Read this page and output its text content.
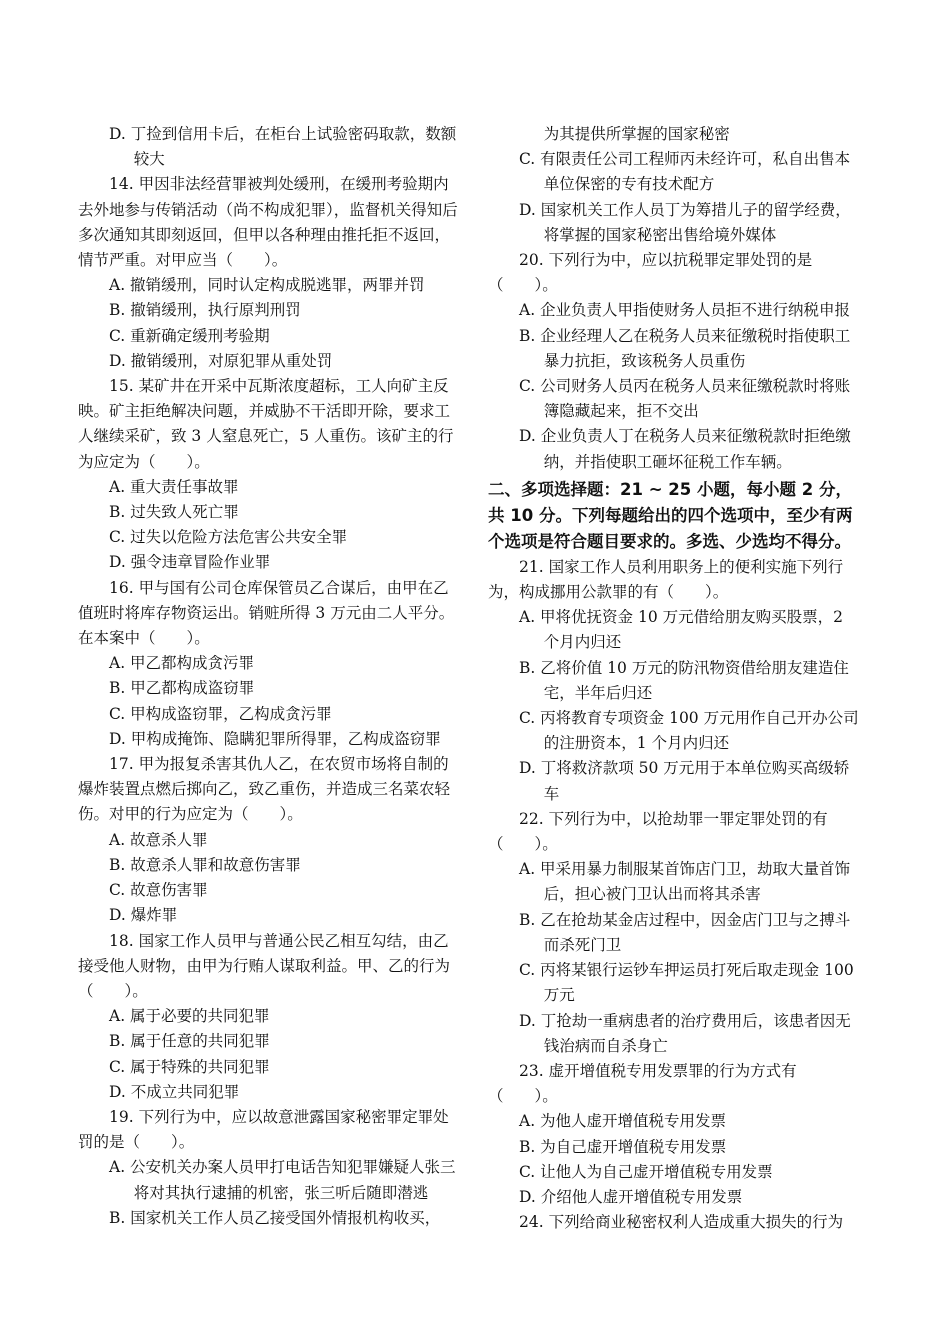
D. 丁捡到信用卡后，在柜台上试验密码取款，数额较大

14. 甲因非法经营罪被判处缓刑，在缓刑考验期内去外地参与传销活动（尚不构成犯罪），监督机关得知后多次通知其即刻返回，但甲以各种理由推托拒不返回，情节严重。对甲应当（　　）。

A. 撤销缓刑，同时认定构成脱逃罪，两罪并罚

B. 撤销缓刑，执行原判刑罚

C. 重新确定缓刑考验期

D. 撤销缓刑，对原犯罪从重处罚

15. 某矿井在开采中瓦斯浓度超标，工人向矿主反映。矿主拒绝解决问题，并威胁不干活即开除，要求工人继续采矿，致 3 人窒息死亡，5 人重伤。该矿主的行为应定为（　　）。

A. 重大责任事故罪

B. 过失致人死亡罪

C. 过失以危险方法危害公共安全罪

D. 强令违章冒险作业罪

16. 甲与国有公司仓库保管员乙合谋后，由甲在乙值班时将库存物资运出。销赃所得 3 万元由二人平分。在本案中（　　）。

A. 甲乙都构成贪污罪

B. 甲乙都构成盗窃罪

C. 甲构成盗窃罪，乙构成贪污罪

D. 甲构成掩饰、隐瞒犯罪所得罪，乙构成盗窃罪

17. 甲为报复杀害其仇人乙，在农贸市场将自制的爆炸装置点燃后掷向乙，致乙重伤，并造成三名菜农轻伤。对甲的行为应定为（　　）。

A. 故意杀人罪

B. 故意杀人罪和故意伤害罪

C. 故意伤害罪

D. 爆炸罪

18. 国家工作人员甲与普通公民乙相互勾结，由乙接受他人财物，由甲为行贿人谋取利益。甲、乙的行为（　　）。

A. 属于必要的共同犯罪

B. 属于任意的共同犯罪

C. 属于特殊的共同犯罪

D. 不成立共同犯罪

19. 下列行为中，应以故意泄露国家秘密罪定罪处罚的是（　　）。

A. 公安机关办案人员甲打电话告知犯罪嫌疑人张三将对其执行逮捕的机密，张三听后随即潜逃

B. 国家机关工作人员乙接受国外情报机构收买，

为其提供所掌握的国家秘密

C. 有限责任公司工程师丙未经许可，私自出售本单位保密的专有技术配方

D. 国家机关工作人员丁为筹措儿子的留学经费，将掌握的国家秘密出售给境外媒体

20. 下列行为中，应以抗税罪定罪处罚的是（　　）。

A. 企业负责人甲指使财务人员拒不进行纳税申报

B. 企业经理人乙在税务人员来征缴税时指使职工暴力抗拒，致该税务人员重伤

C. 公司财务人员丙在税务人员来征缴税款时将账簿隐藏起来，拒不交出

D. 企业负责人丁在税务人员来征缴税款时拒绝缴纳，并指使职工砸坏征税工作车辆。

二、多项选择题：21 ~ 25 小题，每小题 2 分，共 10 分。下列每题给出的四个选项中，至少有两个选项是符合题目要求的。多选、少选均不得分。

21. 国家工作人员利用职务上的便利实施下列行为，构成挪用公款罪的有（　　）。

A. 甲将优抚资金 10 万元借给朋友购买股票，2 个月内归还

B. 乙将价值 10 万元的防汛物资借给朋友建造住宅，半年后归还

C. 丙将教育专项资金 100 万元用作自己开办公司的注册资本，1 个月内归还

D. 丁将救济款项 50 万元用于本单位购买高级轿车

22. 下列行为中，以抢劫罪一罪定罪处罚的有（　　）。

A. 甲采用暴力制服某首饰店门卫，劫取大量首饰后，担心被门卫认出而将其杀害

B. 乙在抢劫某金店过程中，因金店门卫与之搏斗而杀死门卫

C. 丙将某银行运钞车押运员打死后取走现金 100 万元

D. 丁抢劫一重病患者的治疗费用后，该患者因无钱治病而自杀身亡

23. 虚开增值税专用发票罪的行为方式有（　　）。

A. 为他人虚开增值税专用发票

B. 为自己虚开增值税专用发票

C. 让他人为自己虚开增值税专用发票

D. 介绍他人虚开增值税专用发票

24. 下列给商业秘密权利人造成重大损失的行为
